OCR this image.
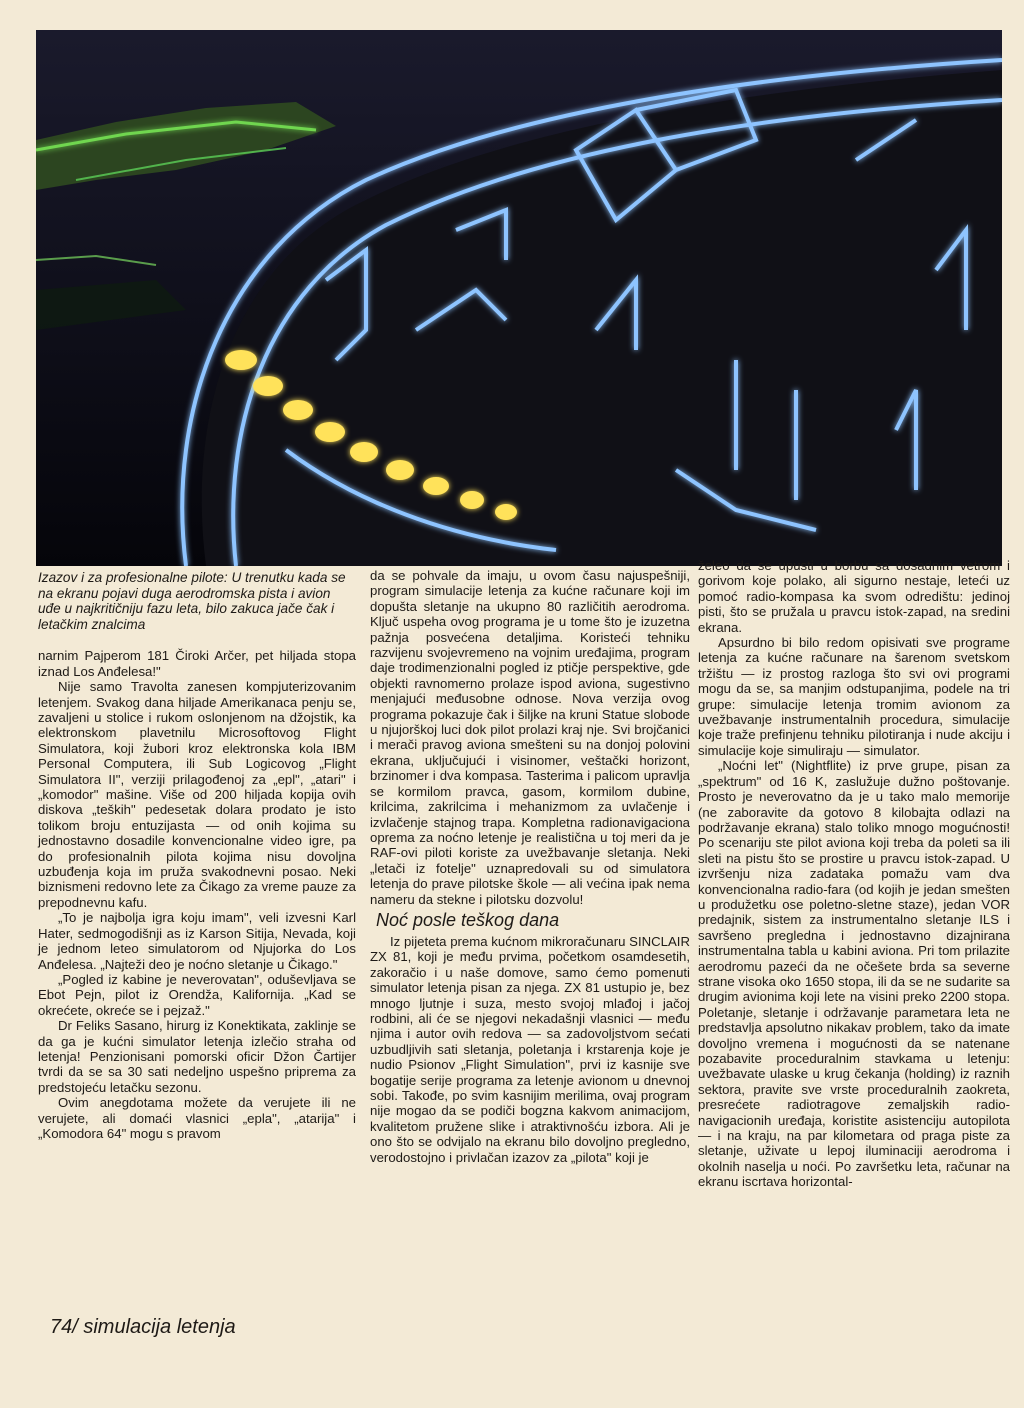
Izazov i za profesionalne pilote: U trenutku kada se na ekranu pojavi duga aerodromska pista i avion uđe u najkritičniju fazu leta, bilo zakuca jače čak i letačkim znalcima

narnim Pajperom 181 Čiroki Arčer, pet hiljada stopa iznad Los Anđelesa!"

Nije samo Travolta zanesen kompjuterizovanim letenjem. Svakog dana hiljade Amerikanaca penju se, zavaljeni u stolice i rukom oslonjenom na džojstik, ka elektronskom plavetnilu Microsoftovog Flight Simulatora, koji žubori kroz elektronska kola IBM Personal Computera, ili Sub Logicovog „Flight Simulatora II", verziji prilagođenoj za „epl", „atari" i „komodor" mašine. Više od 200 hiljada kopija ovih diskova „teških" pedesetak dolara prodato je isto tolikom broju entuzijasta — od onih kojima su jednostavno dosadile konvencionalne video igre, pa do profesionalnih pilota kojima nisu dovoljna uzbuđenja koja im pruža svakodnevni posao. Neki biznismeni redovno lete za Čikago za vreme pauze za prepodnevnu kafu.

„To je najbolja igra koju imam", veli izvesni Karl Hater, sedmogodišnji as iz Karson Sitija, Nevada, koji je jednom leteo simulatorom od Njujorka do Los Anđelesa. „Najteži deo je noćno sletanje u Čikago."

„Pogled iz kabine je neverovatan", oduševljava se Ebot Pejn, pilot iz Orendža, Kalifornija. „Kad se okrećete, okreće se i pejzaž."

Dr Feliks Sasano, hirurg iz Konektikata, zaklinje se da ga je kućni simulator letenja izlečio straha od letenja! Penzionisani pomorski oficir Džon Čartijer tvrdi da se sa 30 sati nedeljno uspešno priprema za predstojeću letačku sezonu.

Ovim anegdotama možete da verujete ili ne verujete, ali domaći vlasnici „epla", „atarija" i „Komodora 64" mogu s pravom

da se pohvale da imaju, u ovom času najuspešniji, program simulacije letenja za kućne računare koji im dopušta sletanje na ukupno 80 različitih aerodroma. Ključ uspeha ovog programa je u tome što je izuzetna pažnja posvećena detaljima. Koristeći tehniku razvijenu svojevremeno na vojnim uređajima, program daje trodimenzionalni pogled iz ptičje perspektive, gde objekti ravnomerno prolaze ispod aviona, sugestivno menjajući međusobne odnose. Nova verzija ovog programa pokazuje čak i šiljke na kruni Statue slobode u njujorškoj luci dok pilot prolazi kraj nje. Svi brojčanici i merači pravog aviona smešteni su na donjoj polovini ekrana, uključujući i visinomer, veštački horizont, brzinomer i dva kompasa. Tasterima i palicom upravlja se kormilom pravca, gasom, kormilom dubine, krilcima, zakrilcima i mehanizmom za uvlačenje i izvlačenje stajnog trapa. Kompletna radionavigaciona oprema za noćno letenje je realistična u toj meri da je RAF-ovi piloti koriste za uvežbavanje sletanja. Neki „letači iz fotelje" uznapredovali su od simulatora letenja do prave pilotske škole — ali većina ipak nema nameru da stekne i pilotsku dozvolu!

Noć posle teškog dana

Iz pijeteta prema kućnom mikroračunaru SINCLAIR ZX 81, koji je među prvima, početkom osamdesetih, zakoračio i u naše domove, samo ćemo pomenuti simulator letenja pisan za njega. ZX 81 ustupio je, bez mnogo ljutnje i suza, mesto svojoj mlađoj i jačoj rodbini, ali će se njegovi nekadašnji vlasnici — među njima i autor ovih redova — sa zadovoljstvom sećati uzbudljivih sati sletanja, poletanja i krstarenja koje je nudio Psionov „Flight Simulation", prvi iz kasnije sve bogatije serije programa za letenje avionom u dnevnoj sobi. Takođe, po svim kasnijim merilima, ovaj program nije mogao da se podiči bogzna kakvom animacijom, kvalitetom pružene slike i atraktivnošću izbora. Ali je ono što se odvijalo na ekranu bilo dovoljno pregledno, verodostojno i privlačan izazov za „pilota" koji je

želeo da se upusti u borbu sa dosadnim vetrom i gorivom koje polako, ali sigurno nestaje, leteći uz pomoć radio-kompasa ka svom odredištu: jedinoj pisti, što se pružala u pravcu istok-zapad, na sredini ekrana.

Apsurdno bi bilo redom opisivati sve programe letenja za kućne računare na šarenom svetskom tržištu — iz prostog razloga što svi ovi programi mogu da se, sa manjim odstupanjima, podele na tri grupe: simulacije letenja tromim avionom za uvežbavanje instrumentalnih procedura, simulacije koje traže prefinjenu tehniku pilotiranja i nude akciju i simulacije koje simuliraju — simulator.

„Noćni let" (Nightflite) iz prve grupe, pisan za „spektrum" od 16 K, zaslužuje dužno poštovanje. Prosto je neverovatno da je u tako malo memorije (ne zaboravite da gotovo 8 kilobajta odlazi na podržavanje ekrana) stalo toliko mnogo mogućnosti! Po scenariju ste pilot aviona koji treba da poleti sa ili sleti na pistu što se prostire u pravcu istok-zapad. U izvršenju niza zadataka pomažu vam dva konvencionalna radio-fara (od kojih je jedan smešten u produžetku ose poletno-sletne staze), jedan VOR predajnik, sistem za instrumentalno sletanje ILS i savršeno pregledna i jednostavno dizajnirana instrumentalna tabla u kabini aviona. Pri tom prilazite aerodromu pazeći da ne očešete brda sa severne strane visoka oko 1650 stopa, ili da se ne sudarite sa drugim avionima koji lete na visini preko 2200 stopa. Poletanje, sletanje i održavanje parametara leta ne predstavlja apsolutno nikakav problem, tako da imate dovoljno vremena i mogućnosti da se natenane pozabavite proceduralnim stavkama u letenju: uvežbavate ulaske u krug čekanja (holding) iz raznih sektora, pravite sve vrste proceduralnih zaokreta, presrećete radiotragove zemaljskih radio-navigacionih uređaja, koristite asistenciju autopilota — i na kraju, na par kilometara od praga piste za sletanje, uživate u lepoj iluminaciji aerodroma i okolnih naselja u noći. Po završetku leta, računar na ekranu iscrtava horizontal-

74/ simulacija letenja
